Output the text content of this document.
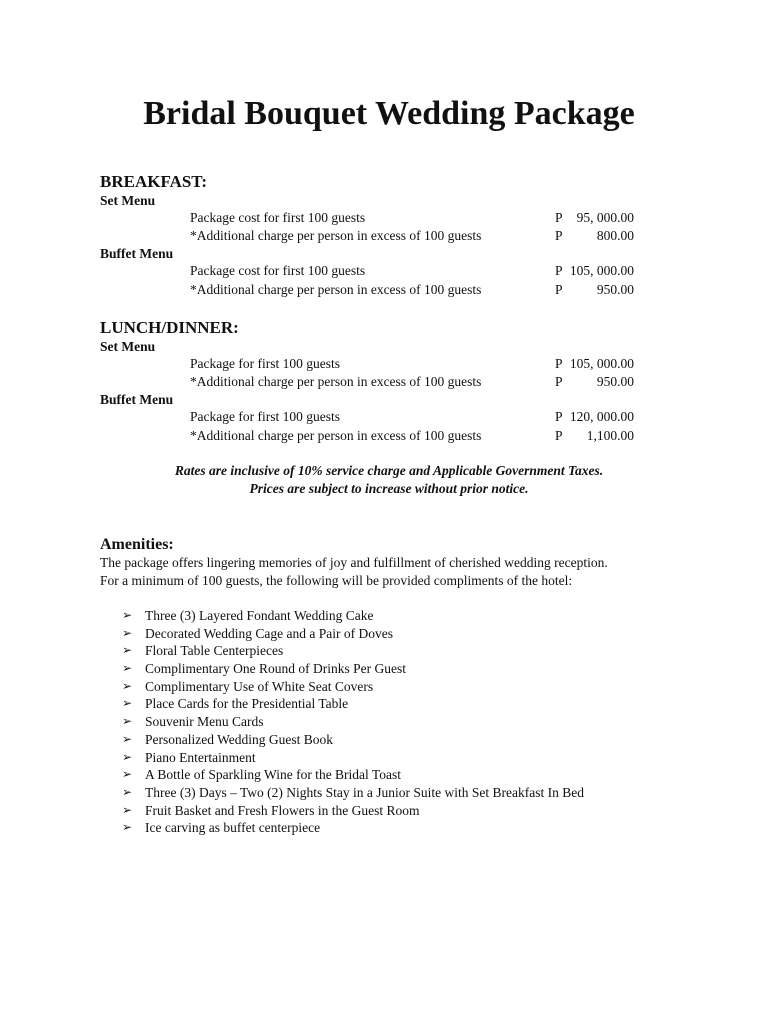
Bridal Bouquet Wedding Package
BREAKFAST:
Set Menu
Package cost for first 100 guests	P 95, 000.00
*Additional charge per person in excess of 100 guests	P	800.00
Buffet Menu
Package cost for first 100 guests	P 105, 000.00
*Additional charge per person in excess of 100 guests	P	950.00
LUNCH/DINNER:
Set Menu
Package for first 100 guests	P 105, 000.00
*Additional charge per person in excess of 100 guests	P	950.00
Buffet Menu
Package for first 100 guests	P 120, 000.00
*Additional charge per person in excess of 100 guests	P 1,100.00
Rates are inclusive of 10% service charge and Applicable Government Taxes.
Prices are subject to increase without prior notice.
Amenities:
The package offers lingering memories of joy and fulfillment of cherished wedding reception.
For a minimum of 100 guests, the following will be provided compliments of the hotel:
➢ Three (3) Layered Fondant Wedding Cake
➢ Decorated Wedding Cage and a Pair of Doves
➢ Floral Table Centerpieces
➢ Complimentary One Round of Drinks Per Guest
➢ Complimentary Use of White Seat Covers
➢ Place Cards for the Presidential Table
➢ Souvenir Menu Cards
➢ Personalized Wedding Guest Book
➢ Piano Entertainment
➢ A Bottle of Sparkling Wine for the Bridal Toast
➢ Three (3) Days – Two (2) Nights Stay in a Junior Suite with Set Breakfast In Bed
➢ Fruit Basket and Fresh Flowers in the Guest Room
➢ Ice carving as buffet centerpiece
